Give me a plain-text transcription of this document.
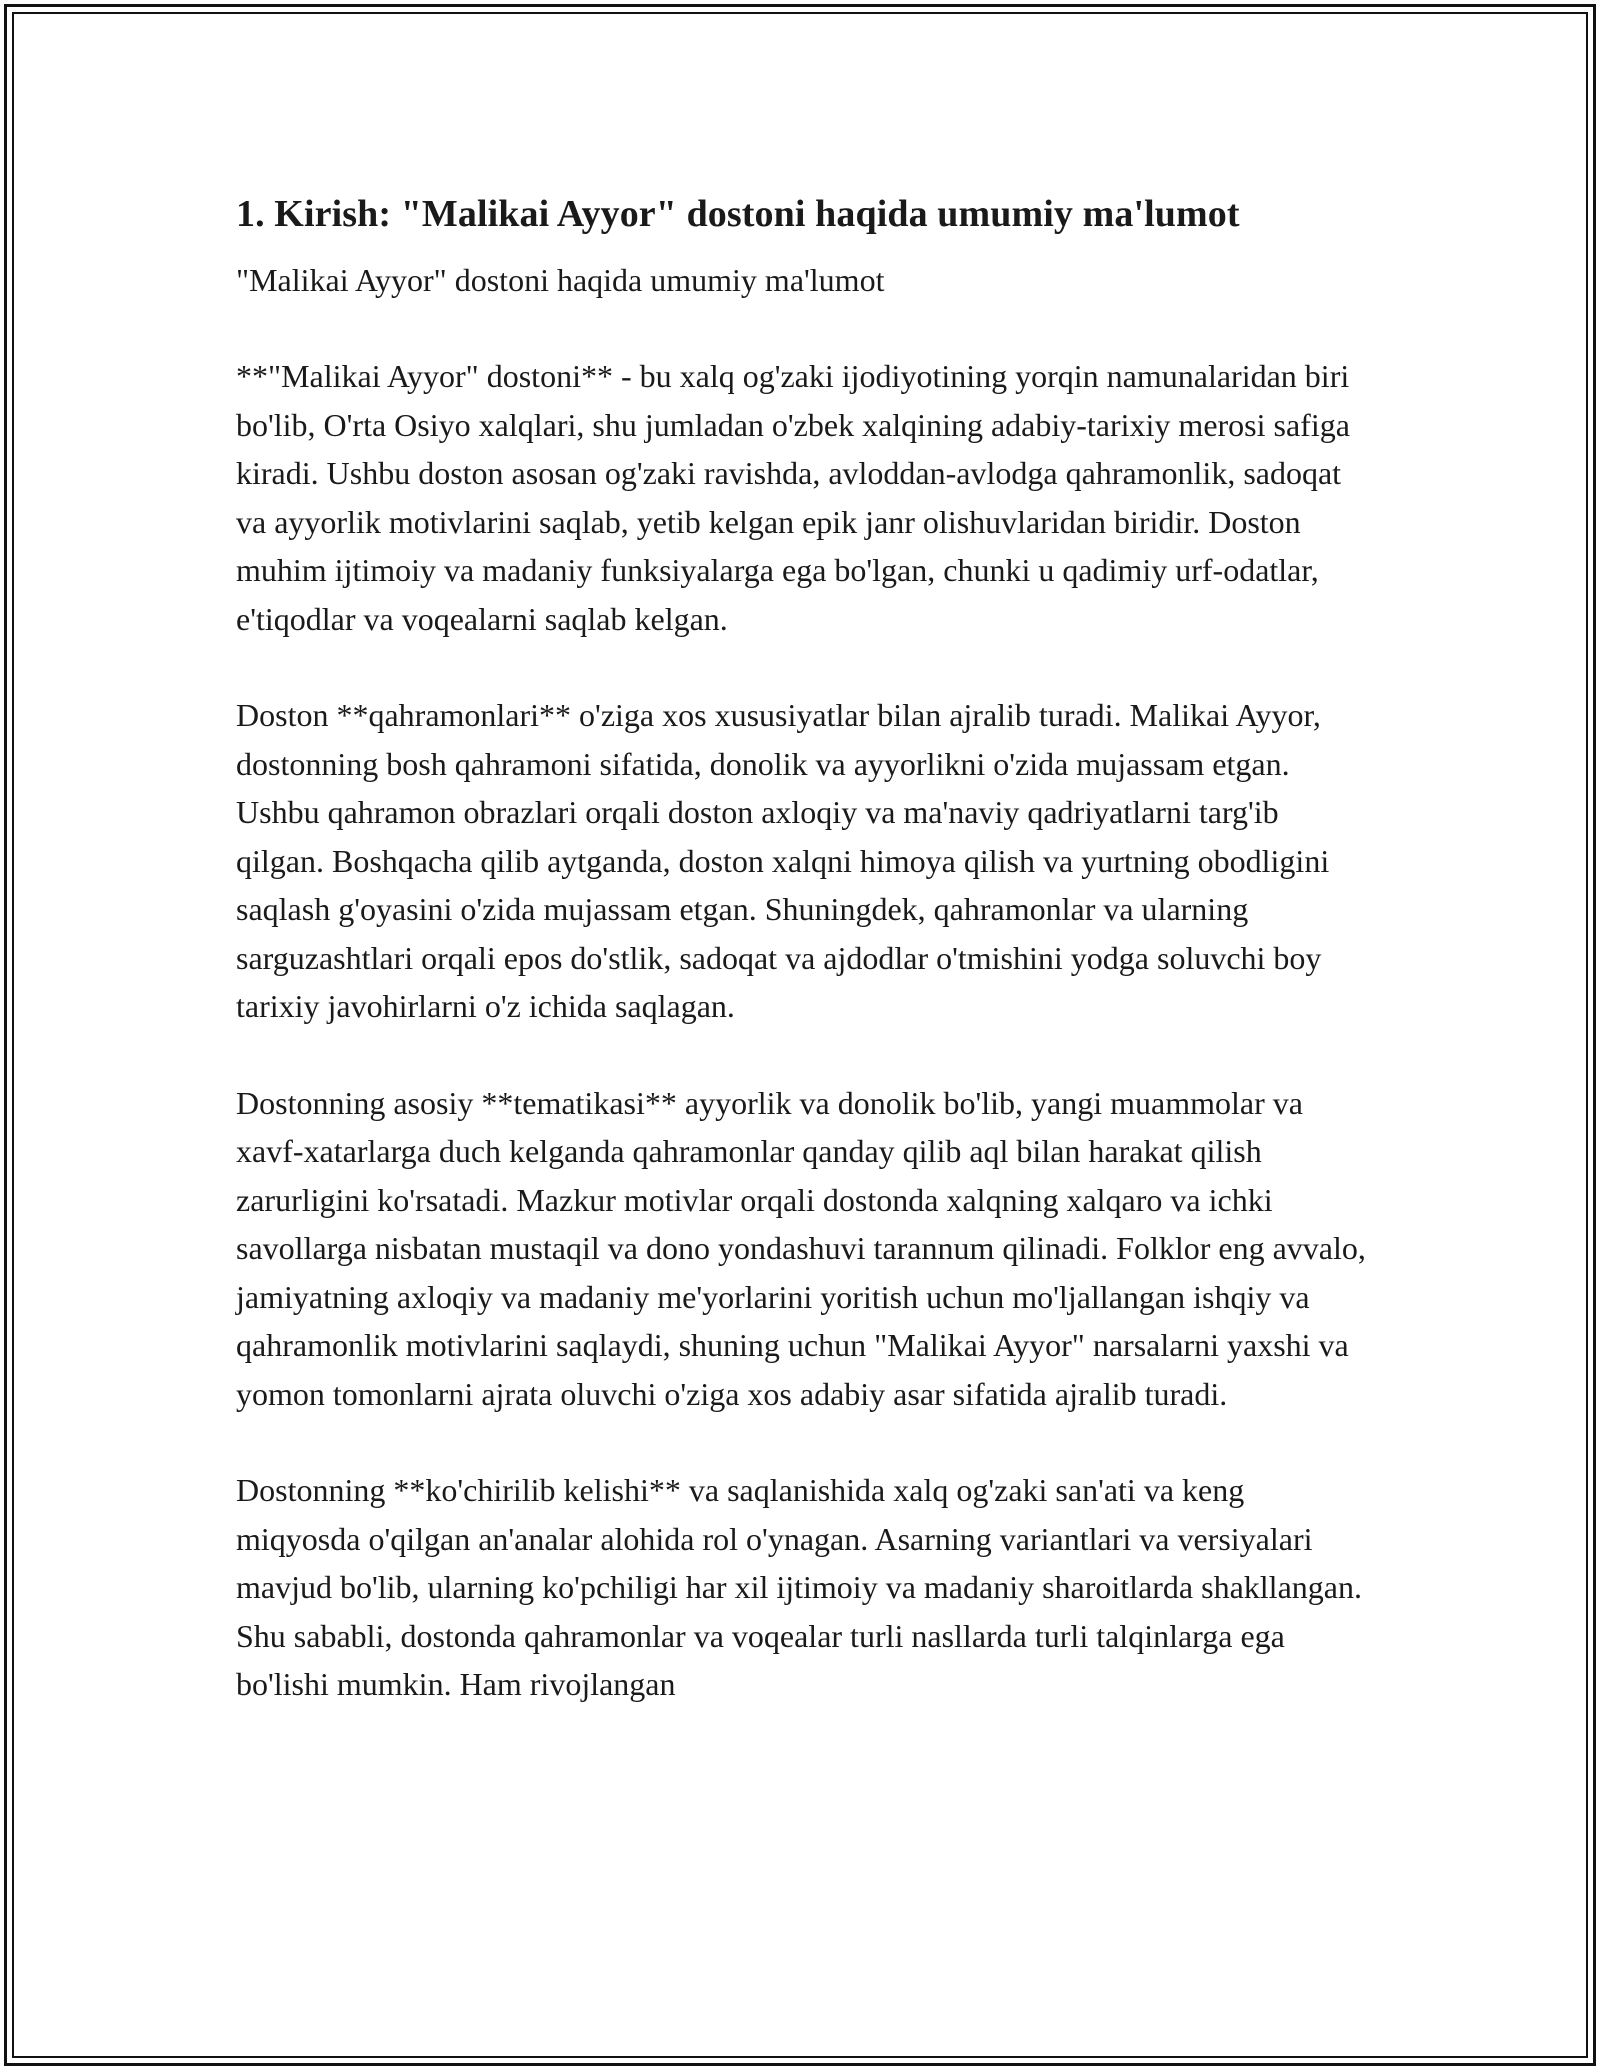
1. Kirish: "Malikai Ayyor" dostoni haqida umumiy ma'lumot
"Malikai Ayyor" dostoni haqida umumiy ma'lumot

**"Malikai Ayyor" dostoni** - bu xalq og'zaki ijodiyotining yorqin namunalaridan biri bo'lib, O'rta Osiyo xalqlari, shu jumladan o'zbek xalqining adabiy-tarixiy merosi safiga kiradi. Ushbu doston asosan og'zaki ravishda, avloddan-avlodga qahramonlik, sadoqat va ayyorlik motivlarini saqlab, yetib kelgan epik janr olishuvlaridan biridir. Doston muhim ijtimoiy va madaniy funksiyalarga ega bo'lgan, chunki u qadimiy urf-odatlar, e'tiqodlar va voqealarni saqlab kelgan.

Doston **qahramonlari** o'ziga xos xususiyatlar bilan ajralib turadi. Malikai Ayyor, dostonning bosh qahramoni sifatida, donolik va ayyorlikni o'zida mujassam etgan. Ushbu qahramon obrazlari orqali doston axloqiy va ma'naviy qadriyatlarni targ'ib qilgan. Boshqacha qilib aytganda, doston xalqni himoya qilish va yurtning obodligini saqlash g'oyasini o'zida mujassam etgan. Shuningdek, qahramonlar va ularning sarguzashtlari orqali epos do'stlik, sadoqat va ajdodlar o'tmishini yodga soluvchi boy tarixiy javohirlarni o'z ichida saqlagan.

Dostonning asosiy **tematikasi** ayyorlik va donolik bo'lib, yangi muammolar va xavf-xatarlarga duch kelganda qahramonlar qanday qilib aql bilan harakat qilish zarurligini ko'rsatadi. Mazkur motivlar orqali dostonda xalqning xalqaro va ichki savollarga nisbatan mustaqil va dono yondashuvi tarannum qilinadi. Folklor eng avvalo, jamiyatning axloqiy va madaniy me'yorlarini yoritish uchun mo'ljallangan ishqiy va qahramonlik motivlarini saqlaydi, shuning uchun "Malikai Ayyor" narsalarni yaxshi va yomon tomonlarni ajrata oluvchi o'ziga xos adabiy asar sifatida ajralib turadi.

Dostonning **ko'chirilib kelishi** va saqlanishida xalq og'zaki san'ati va keng miqyosda o'qilgan an'analar alohida rol o'ynagan. Asarning variantlari va versiyalari mavjud bo'lib, ularning ko'pchiligi har xil ijtimoiy va madaniy sharoitlarda shakllangan. Shu sababli, dostonda qahramonlar va voqealar turli nasllarda turli talqinlarga ega bo'lishi mumkin. Ham rivojlangan
